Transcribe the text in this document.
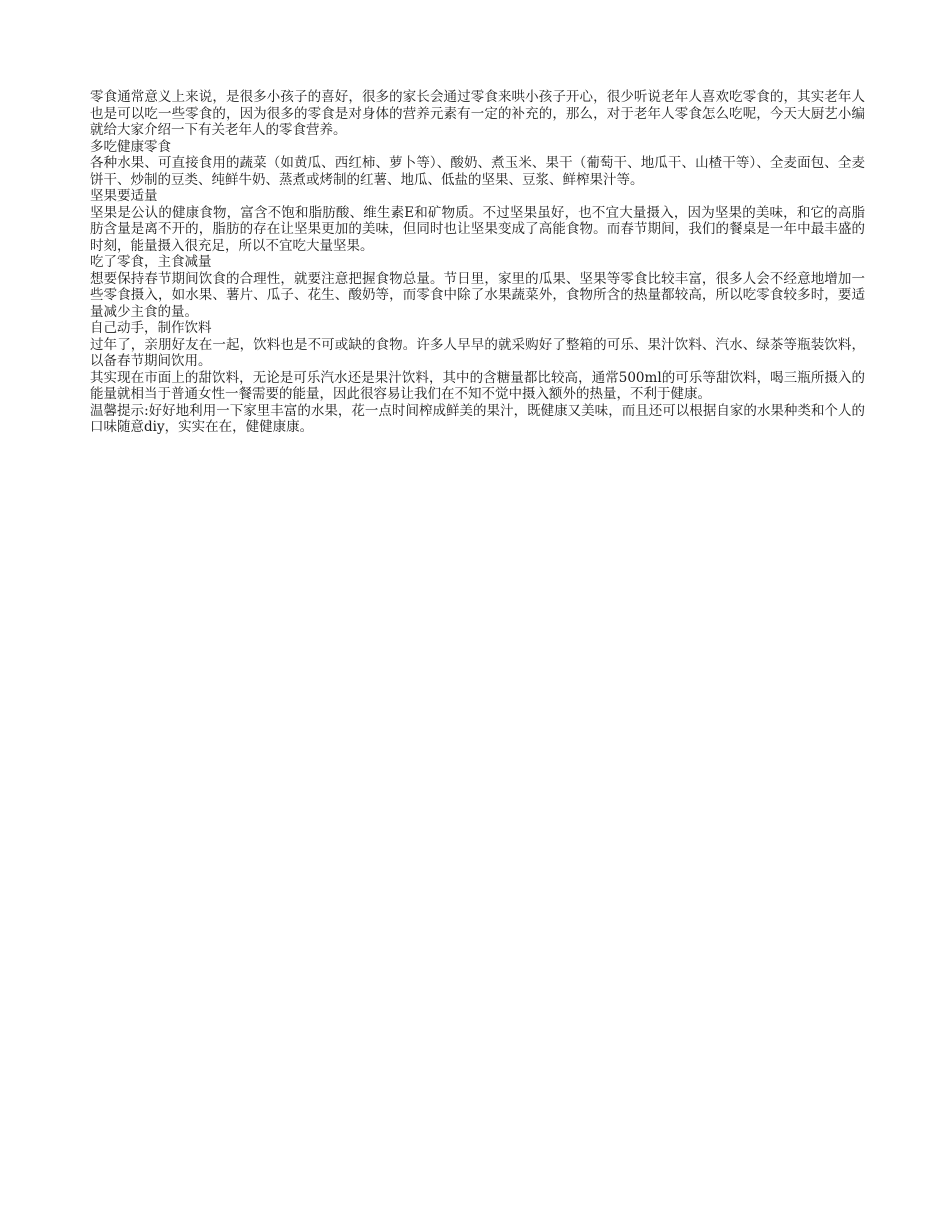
零食通常意义上来说，是很多小孩子的喜好，很多的家长会通过零食来哄小孩子开心，很少听说老年人喜欢吃零食的，其实老年人也是可以吃一些零食的，因为很多的零食是对身体的营养元素有一定的补充的，那么，对于老年人零食怎么吃呢，今天大厨艺小编就给大家介绍一下有关老年人的零食营养。

多吃健康零食

各种水果、可直接食用的蔬菜（如黄瓜、西红柿、萝卜等）、酸奶、煮玉米、果干（葡萄干、地瓜干、山楂干等）、全麦面包、全麦饼干、炒制的豆类、纯鲜牛奶、蒸煮或烤制的红薯、地瓜、低盐的坚果、豆浆、鲜榨果汁等。

坚果要适量

坚果是公认的健康食物，富含不饱和脂肪酸、维生素E和矿物质。不过坚果虽好，也不宜大量摄入，因为坚果的美味，和它的高脂肪含量是离不开的，脂肪的存在让坚果更加的美味，但同时也让坚果变成了高能食物。而春节期间，我们的餐桌是一年中最丰盛的时刻，能量摄入很充足，所以不宜吃大量坚果。

吃了零食，主食减量

想要保持春节期间饮食的合理性，就要注意把握食物总量。节日里，家里的瓜果、坚果等零食比较丰富，很多人会不经意地增加一些零食摄入，如水果、薯片、瓜子、花生、酸奶等，而零食中除了水果蔬菜外，食物所含的热量都较高，所以吃零食较多时，要适量减少主食的量。

自己动手，制作饮料

过年了，亲朋好友在一起，饮料也是不可或缺的食物。许多人早早的就采购好了整箱的可乐、果汁饮料、汽水、绿茶等瓶装饮料，以备春节期间饮用。

其实现在市面上的甜饮料，无论是可乐汽水还是果汁饮料，其中的含糖量都比较高，通常500ml的可乐等甜饮料，喝三瓶所摄入的能量就相当于普通女性一餐需要的能量，因此很容易让我们在不知不觉中摄入额外的热量，不利于健康。

温馨提示:好好地利用一下家里丰富的水果，花一点时间榨成鲜美的果汁，既健康又美味，而且还可以根据自家的水果种类和个人的口味随意diy，实实在在，健健康康。
